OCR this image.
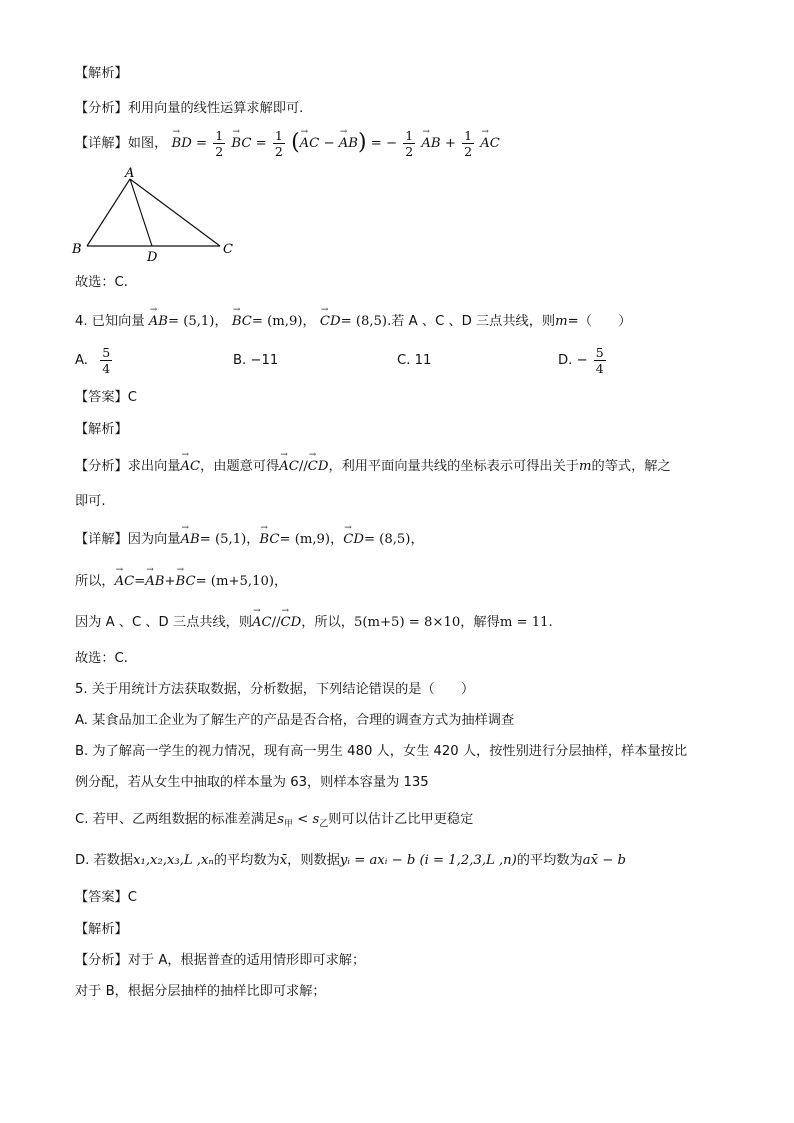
【解析】
【分析】利用向量的线性运算求解即可.
【详解】如图， → BD = $\frac{1}{2}$ → BC = $\frac{1}{2}$ (→ AC − → AB) = − $\frac{1}{2}$ → AB + $\frac{1}{2}$ → AC
A
B	C
D
故选：C.
4. 已知向量 → AB= (5,1)， → BC= (m,9)， → CD= (8,5).若 A 、C 、D 三点共线，则m=（　　）
A. $\frac{5}{4}$	B. −11	C. 11	D. − $\frac{5}{4}$
【答案】C
【解析】
【分析】求出向量→ AC，由题意可得→ AC//→ CD，利用平面向量共线的坐标表示可得出关于m的等式，解之
即可.
【详解】因为向量→ AB= (5,1)，→ BC= (m,9)，→ CD= (8,5)，
所以，→ AC=→ AB+→ BC= (m+5,10)，
因为 A 、C 、D 三点共线，则→ AC//→ CD，所以，5(m+5) = 8×10，解得m = 11.
故选：C.
5. 关于用统计方法获取数据，分析数据，下列结论错误的是（　　）
A. 某食品加工企业为了解生产的产品是否合格，合理的调查方式为抽样调查
B. 为了解高一学生的视力情况，现有高一男生 480 人，女生 420 人，按性别进行分层抽样，样本量按比
例分配，若从女生中抽取的样本量为 63，则样本容量为 135
C. 若甲、乙两组数据的标准差满足$s_甲 < s_乙$则可以估计乙比甲更稳定
D. 若数据x₁,x₂,x₃,L ,xₙ的平均数为x̄，则数据yᵢ = axᵢ − b (i = 1,2,3,L ,n)的平均数为ax̄ − b
【答案】C
【解析】
【分析】对于 A，根据普查的适用情形即可求解；
对于 B，根据分层抽样的抽样比即可求解；
